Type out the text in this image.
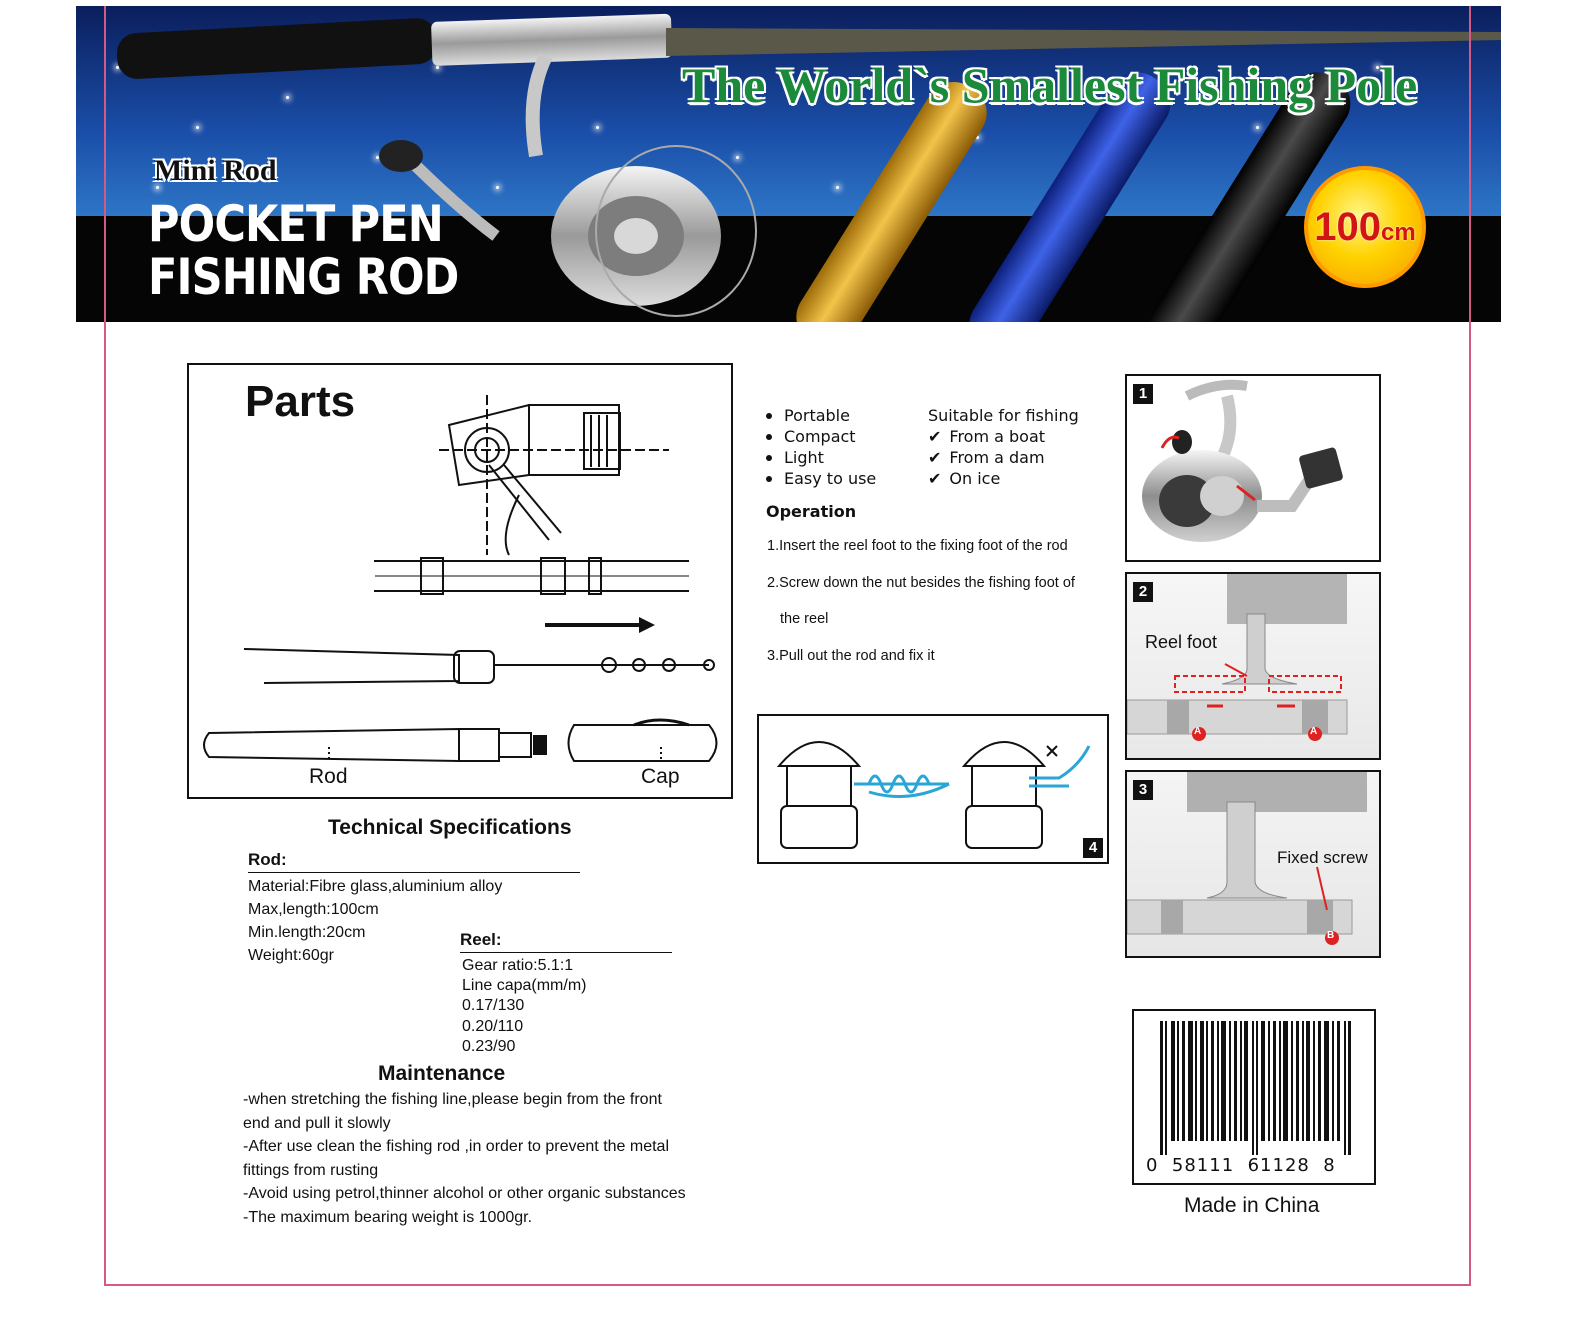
Mini Rod
POCKET PEN
FISHING ROD
The World`s Smallest Fishing Pole
100cm
Parts
Rod	Cap
Technical Specifications
Rod:
Material:Fibre glass,aluminium alloy
Max,length:100cm
Min.length:20cm
Weight:60gr
Reel:
Gear ratio:5.1:1
Line capa(mm/m)
0.17/130
0.20/110
0.23/90
Maintenance
-when stretching the fishing line,please begin from the front
end and pull it slowly
-After use clean the fishing rod ,in order to prevent the metal
fittings from rusting
-Avoid using petrol,thinner alcohol or other organic substances
-The maximum bearing weight is 1000gr.
Portable
Compact
Light
Easy to use
Suitable for fishing
✔ From a boat
✔ From a dam
✔ On ice
Operation
1.Insert the reel foot to the fixing foot of the rod
2.Screw down the nut besides the fishing foot of
the reel
3.Pull out the rod and fix it
4
1
2
Reel foot
A	A
3
Fixed screw
B
0  58111  61128  8
Made in China
